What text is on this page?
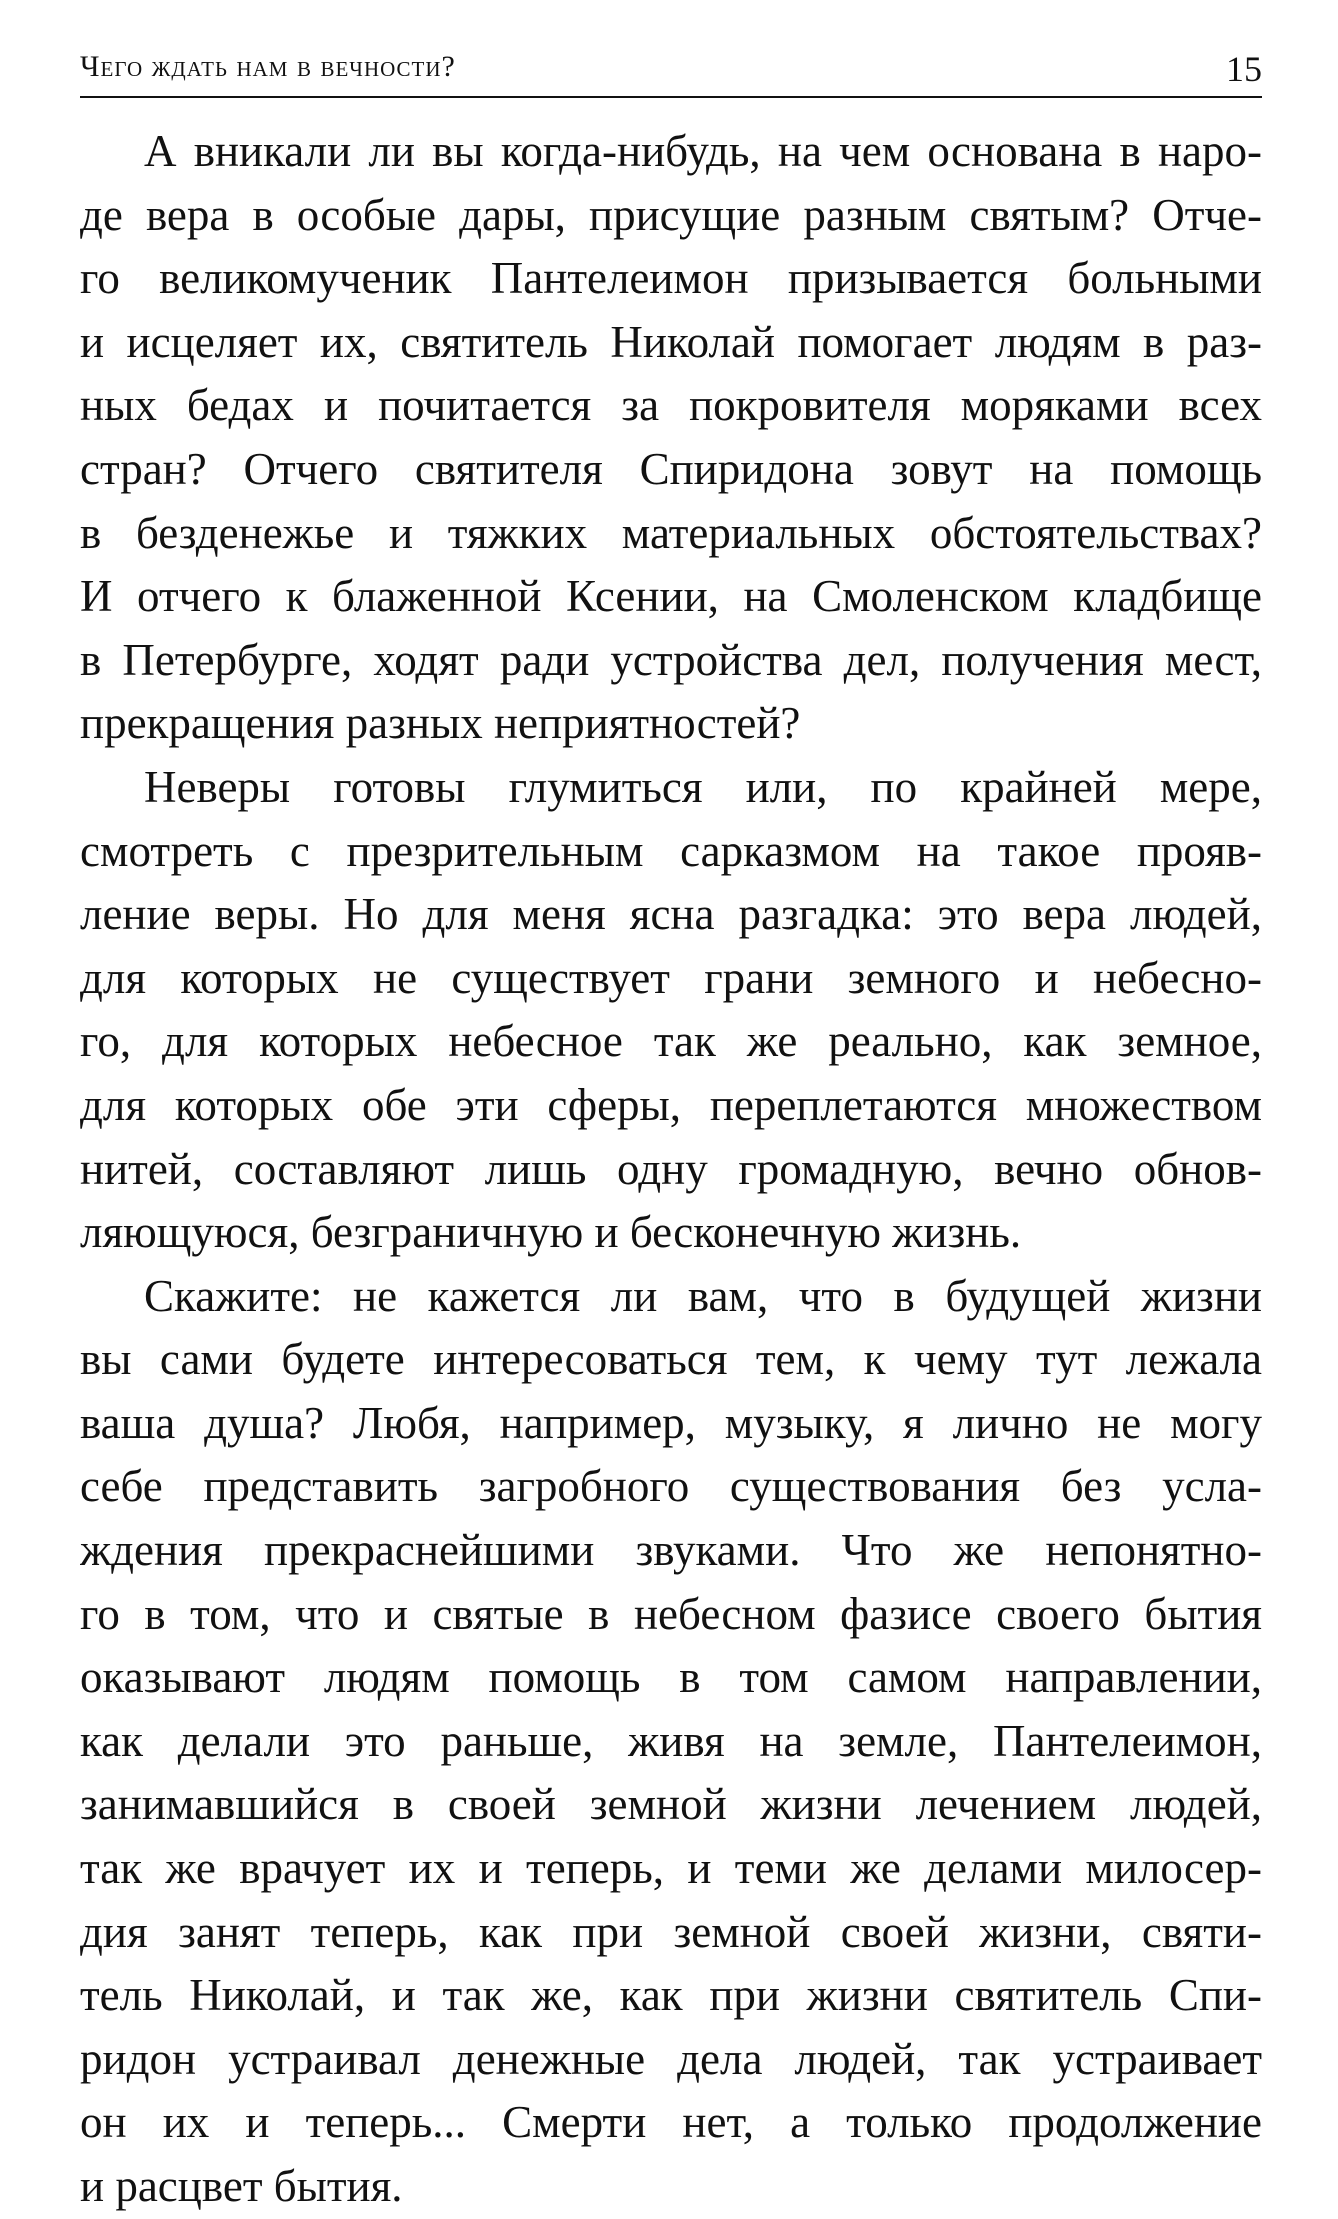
Чего ждать нам в вечности?	15
А вникали ли вы когда-нибудь, на чем основана в наро-
де вера в особые дары, присущие разным святым? Отче-
го великомученик Пантелеимон призывается больными
и исцеляет их, святитель Николай помогает людям в раз-
ных бедах и почитается за покровителя моряками всех
стран? Отчего святителя Спиридона зовут на помощь
в безденежье и тяжких материальных обстоятельствах?
И отчего к блаженной Ксении, на Смоленском кладбище
в Петербурге, ходят ради устройства дел, получения мест,
прекращения разных неприятностей?
Неверы готовы глумиться или, по крайней мере,
смотреть с презрительным сарказмом на такое прояв-
ление веры. Но для меня ясна разгадка: это вера людей,
для которых не существует грани земного и небесно-
го, для которых небесное так же реально, как земное,
для которых обе эти сферы, переплетаются множеством
нитей, составляют лишь одну громадную, вечно обнов-
ляющуюся, безграничную и бесконечную жизнь.
Скажите: не кажется ли вам, что в будущей жизни
вы сами будете интересоваться тем, к чему тут лежала
ваша душа? Любя, например, музыку, я лично не могу
себе представить загробного существования без усла-
ждения прекраснейшими звуками. Что же непонятно-
го в том, что и святые в небесном фазисе своего бытия
оказывают людям помощь в том самом направлении,
как делали это раньше, живя на земле, Пантелеимон,
занимавшийся в своей земной жизни лечением людей,
так же врачует их и теперь, и теми же делами милосер-
дия занят теперь, как при земной своей жизни, святи-
тель Николай, и так же, как при жизни святитель Спи-
ридон устраивал денежные дела людей, так устраивает
он их и теперь... Смерти нет, а только продолжение
и расцвет бытия.
